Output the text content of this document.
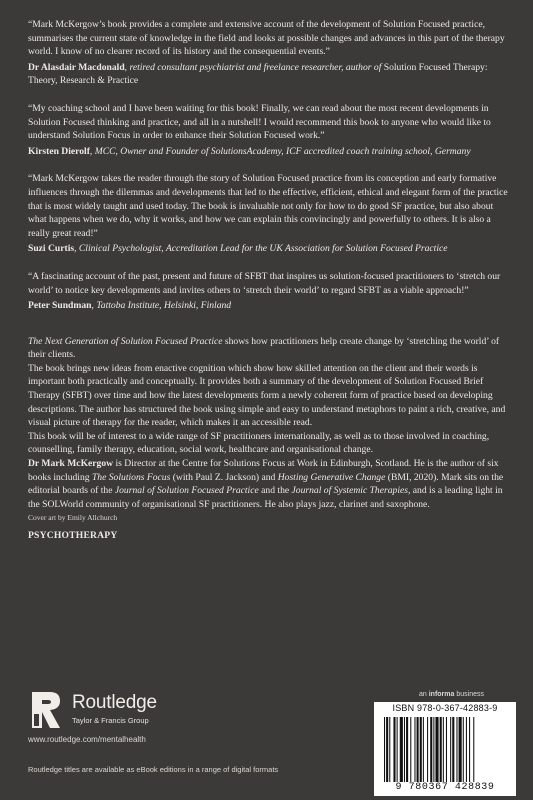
“Mark McKergow’s book provides a complete and extensive account of the development of Solution Focused practice, summarises the current state of knowledge in the field and looks at possible changes and advances in this part of the therapy world. I know of no clearer record of its history and the consequential events.”

Dr Alasdair Macdonald, retired consultant psychiatrist and freelance researcher, author of Solution Focused Therapy: Theory, Research & Practice

“My coaching school and I have been waiting for this book! Finally, we can read about the most recent developments in Solution Focused thinking and practice, and all in a nutshell! I would recommend this book to anyone who would like to understand Solution Focus in order to enhance their Solution Focused work.”

Kirsten Dierolf, MCC, Owner and Founder of SolutionsAcademy, ICF accredited coach training school, Germany

“Mark McKergow takes the reader through the story of Solution Focused practice from its conception and early formative influences through the dilemmas and developments that led to the effective, efficient, ethical and elegant form of the practice that is most widely taught and used today. The book is invaluable not only for how to do good SF practice, but also about what happens when we do, why it works, and how we can explain this convincingly and powerfully to others. It is also a really great read!”

Suzi Curtis, Clinical Psychologist, Accreditation Lead for the UK Association for Solution Focused Practice

“A fascinating account of the past, present and future of SFBT that inspires us solution-focused practitioners to ‘stretch our world’ to notice key developments and invites others to ‘stretch their world’ to regard SFBT as a viable approach!”

Peter Sundman, Tattoba Institute, Helsinki, Finland

The Next Generation of Solution Focused Practice shows how practitioners help create change by ‘stretching the world’ of their clients.

The book brings new ideas from enactive cognition which show how skilled attention on the client and their words is important both practically and conceptually. It provides both a summary of the development of Solution Focused Brief Therapy (SFBT) over time and how the latest developments form a newly coherent form of practice based on developing descriptions. The author has structured the book using simple and easy to understand metaphors to paint a rich, creative, and visual picture of therapy for the reader, which makes it an accessible read.

This book will be of interest to a wide range of SF practitioners internationally, as well as to those involved in coaching, counselling, family therapy, education, social work, healthcare and organisational change.

Dr Mark McKergow is Director at the Centre for Solutions Focus at Work in Edinburgh, Scotland. He is the author of six books including The Solutions Focus (with Paul Z. Jackson) and Hosting Generative Change (BMI, 2020). Mark sits on the editorial boards of the Journal of Solution Focused Practice and the Journal of Systemic Therapies, and is a leading light in the SOLWorld community of organisational SF practitioners. He also plays jazz, clarinet and saxophone.

Cover art by Emily Allchurch
PSYCHOTHERAPY
Routledge
Taylor & Francis Group
www.routledge.com/mentalhealth
Routledge titles are available as eBook editions in a range of digital formats
an informa business
ISBN 978-0-367-42883-9
9 780367 428839
